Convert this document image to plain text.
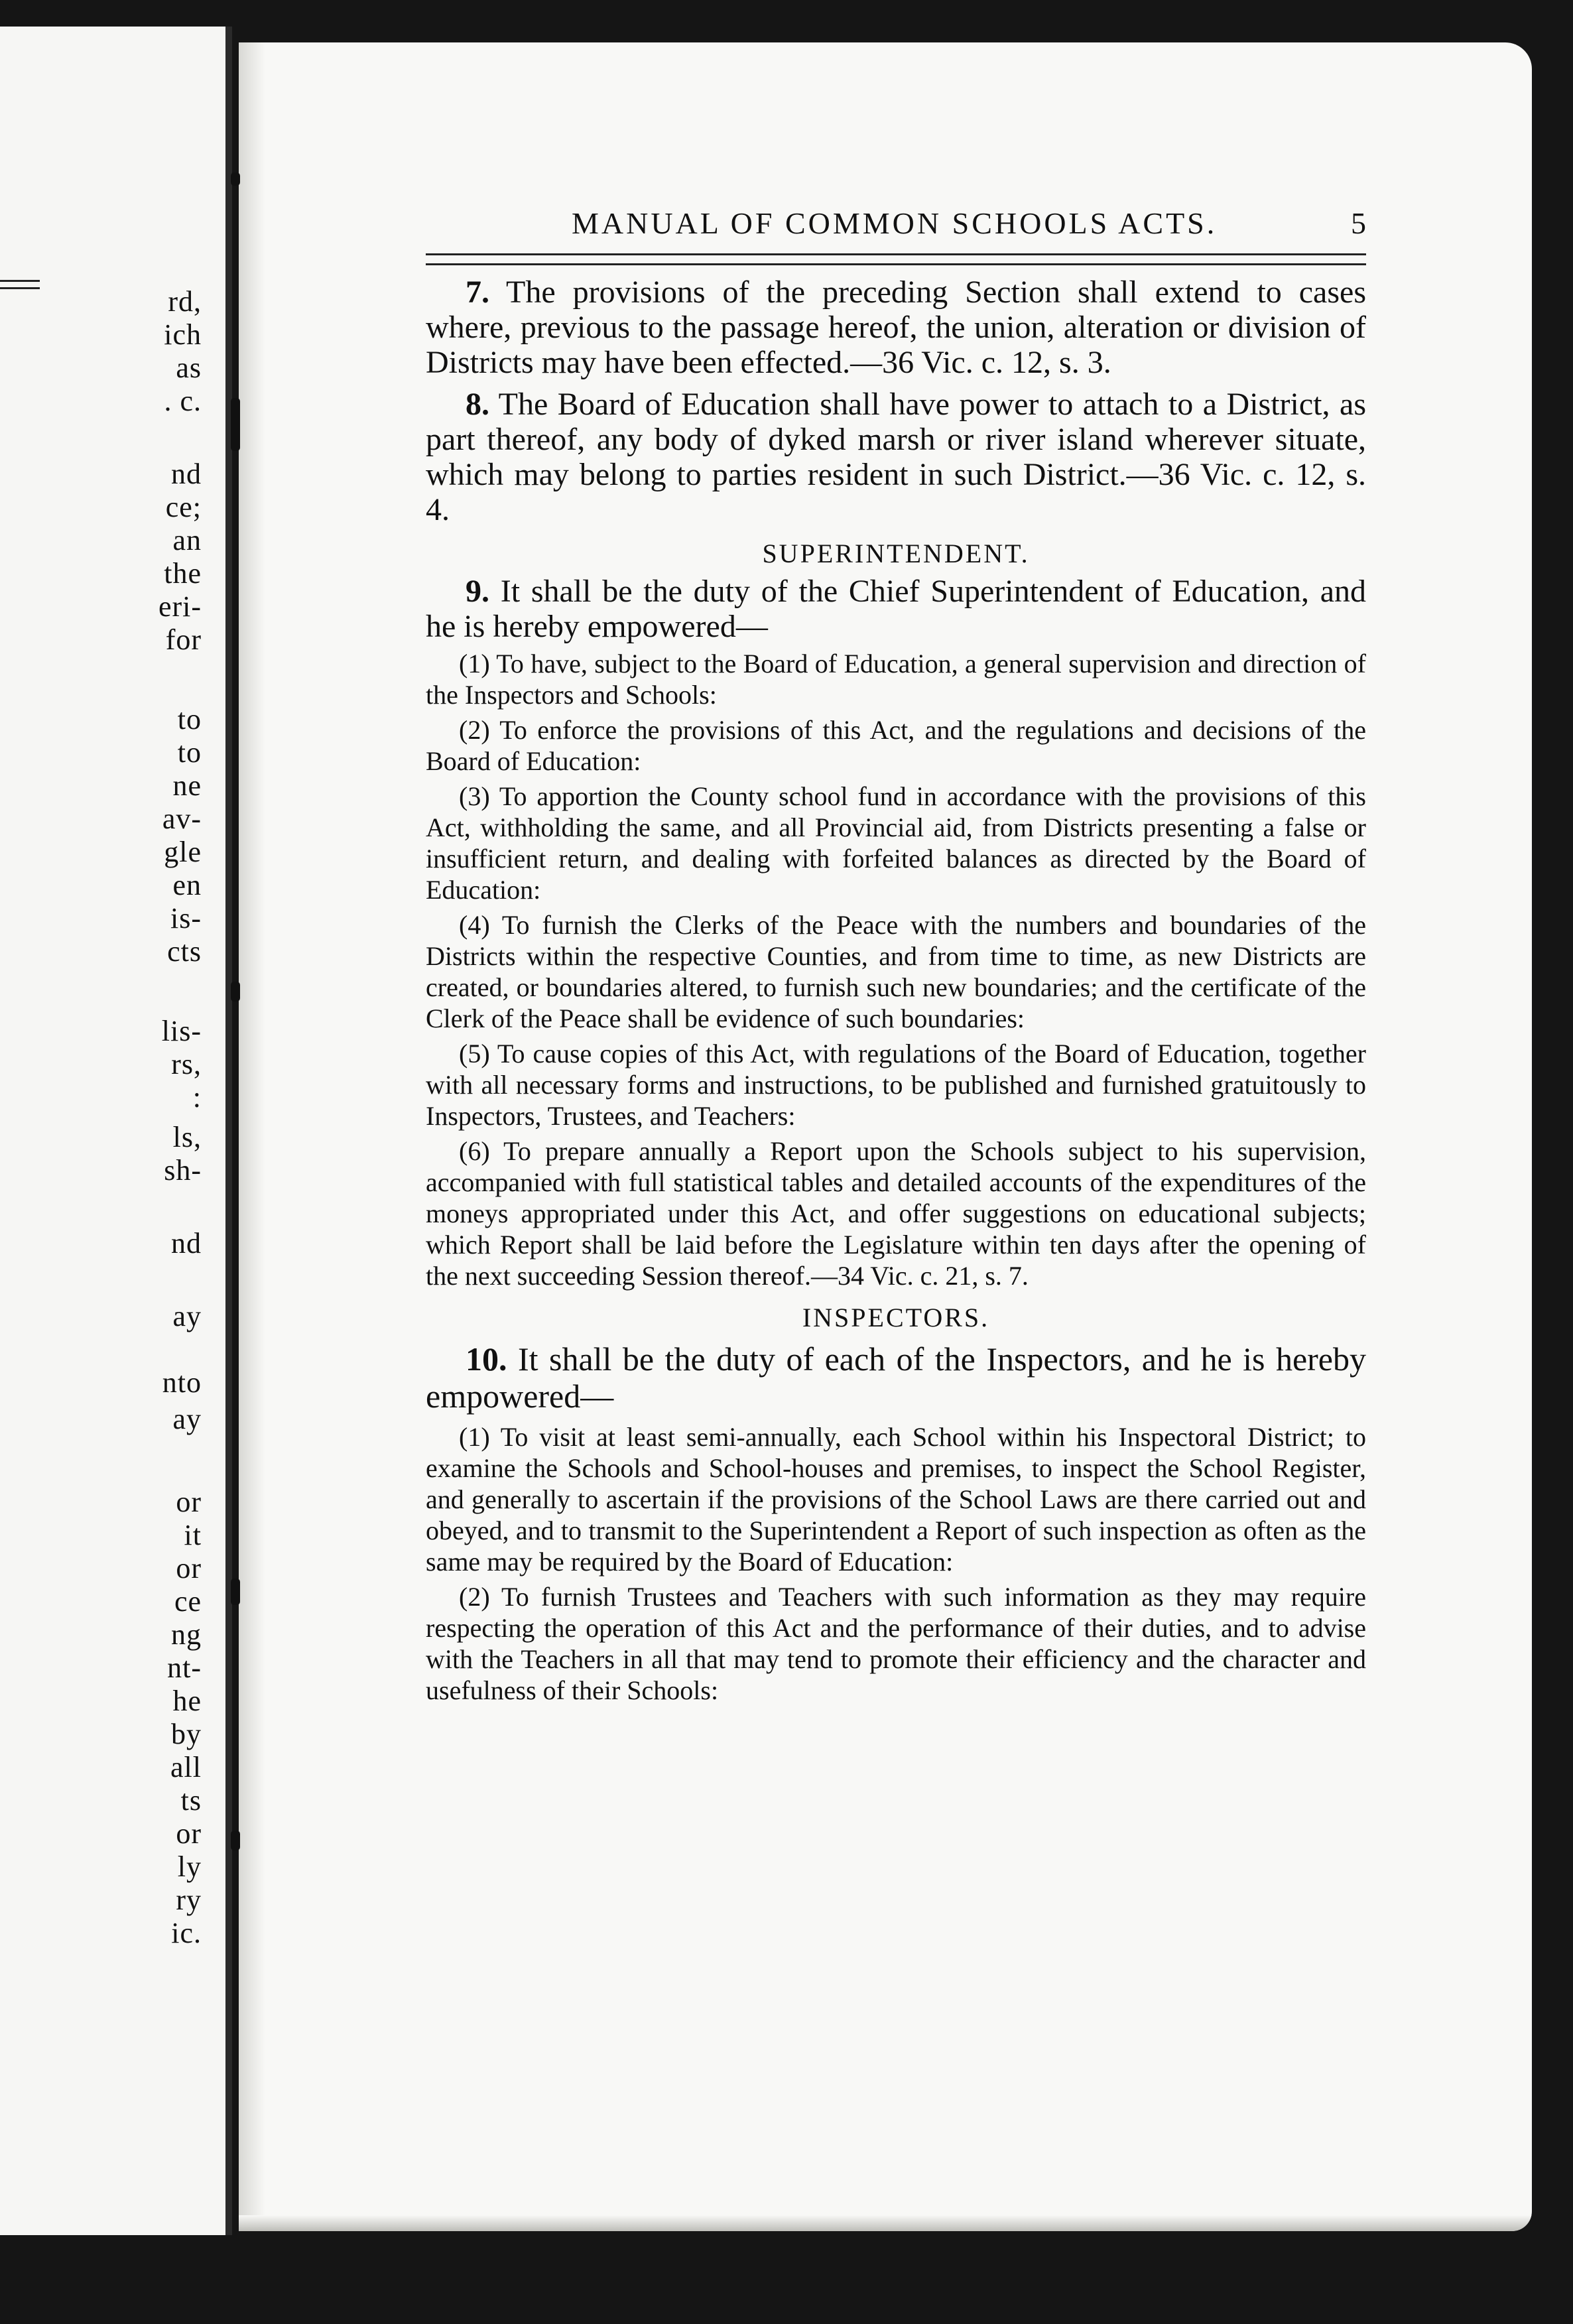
rd,

ich

as

. c.

nd

ce;

an

the

eri-

for

to

to

ne

av-

gle

en

is-

cts

lis-

rs,

:

ls,

sh-

nd

ay

nto

ay

or

it

or

ce

ng

nt-

he

by

all

ts

or

ly

ry

ic.

MANUAL OF COMMON SCHOOLS ACTS.	5

7. The provisions of the preceding Section shall extend to cases where, previous to the passage hereof, the union, alteration or division of Districts may have been effected.—36 Vic. c. 12, s. 3.

8. The Board of Education shall have power to attach to a District, as part thereof, any body of dyked marsh or river island wherever situate, which may belong to parties resident in such District.—36 Vic. c. 12, s. 4.

SUPERINTENDENT.

9. It shall be the duty of the Chief Superintendent of Education, and he is hereby empowered—

(1) To have, subject to the Board of Education, a general supervision and direction of the Inspectors and Schools:

(2) To enforce the provisions of this Act, and the regulations and decisions of the Board of Education:

(3) To apportion the County school fund in accordance with the provisions of this Act, withholding the same, and all Provincial aid, from Districts presenting a false or insufficient return, and dealing with forfeited balances as directed by the Board of Education:

(4) To furnish the Clerks of the Peace with the numbers and boundaries of the Districts within the respective Counties, and from time to time, as new Districts are created, or boundaries altered, to furnish such new boundaries; and the certificate of the Clerk of the Peace shall be evidence of such boundaries:

(5) To cause copies of this Act, with regulations of the Board of Education, together with all necessary forms and instructions, to be published and furnished gratuitously to Inspectors, Trustees, and Teachers:

(6) To prepare annually a Report upon the Schools subject to his supervision, accompanied with full statistical tables and detailed accounts of the expenditures of the moneys appropriated under this Act, and offer suggestions on educational subjects; which Report shall be laid before the Legislature within ten days after the opening of the next succeeding Session thereof.—34 Vic. c. 21, s. 7.

INSPECTORS.

10. It shall be the duty of each of the Inspectors, and he is hereby empowered—

(1) To visit at least semi-annually, each School within his Inspectoral District; to examine the Schools and School-houses and premises, to inspect the School Register, and generally to ascertain if the provisions of the School Laws are there carried out and obeyed, and to transmit to the Superintendent a Report of such inspection as often as the same may be required by the Board of Education:

(2) To furnish Trustees and Teachers with such information as they may require respecting the operation of this Act and the performance of their duties, and to advise with the Teachers in all that may tend to promote their efficiency and the character and usefulness of their Schools:
